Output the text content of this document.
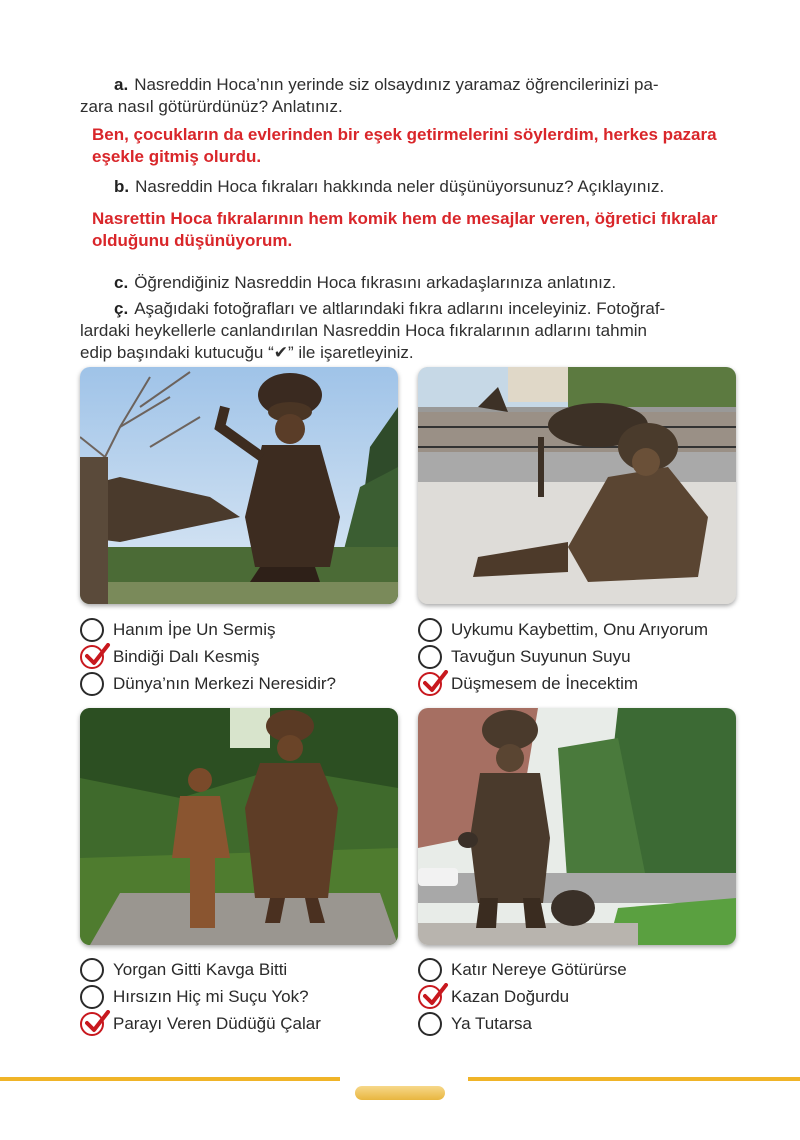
a. Nasreddin Hoca’nın yerinde siz olsaydınız yaramaz öğrencilerinizi pa-
zara nasıl götürürdünüz? Anlatınız.
Ben, çocukların da evlerinden bir eşek getirmelerini söylerdim, herkes pazara
eşekle gitmiş olurdu.
b. Nasreddin Hoca fıkraları hakkında neler düşünüyorsunuz? Açıklayınız.
Nasrettin Hoca fıkralarının hem komik hem de mesajlar veren, öğretici fıkralar
olduğunu düşünüyorum.
c. Öğrendiğiniz Nasreddin Hoca fıkrasını arkadaşlarınıza anlatınız.
ç. Aşağıdaki fotoğrafları ve altlarındaki fıkra adlarını inceleyiniz. Fotoğraf-
lardaki heykellerle canlandırılan Nasreddin Hoca fıkralarının adlarını tahmin
edip başındaki kutucuğu “✔” ile işaretleyiniz.
Hanım İpe Un Sermiş
Bindiği Dalı Kesmiş
Dünya’nın Merkezi Neresidir?
Uykumu Kaybettim, Onu Arıyorum
Tavuğun Suyunun Suyu
Düşmesem de İnecektim
Yorgan Gitti Kavga Bitti
Hırsızın Hiç mi Suçu Yok?
Parayı Veren Düdüğü Çalar
Katır Nereye Götürürse
Kazan Doğurdu
Ya Tutarsa
